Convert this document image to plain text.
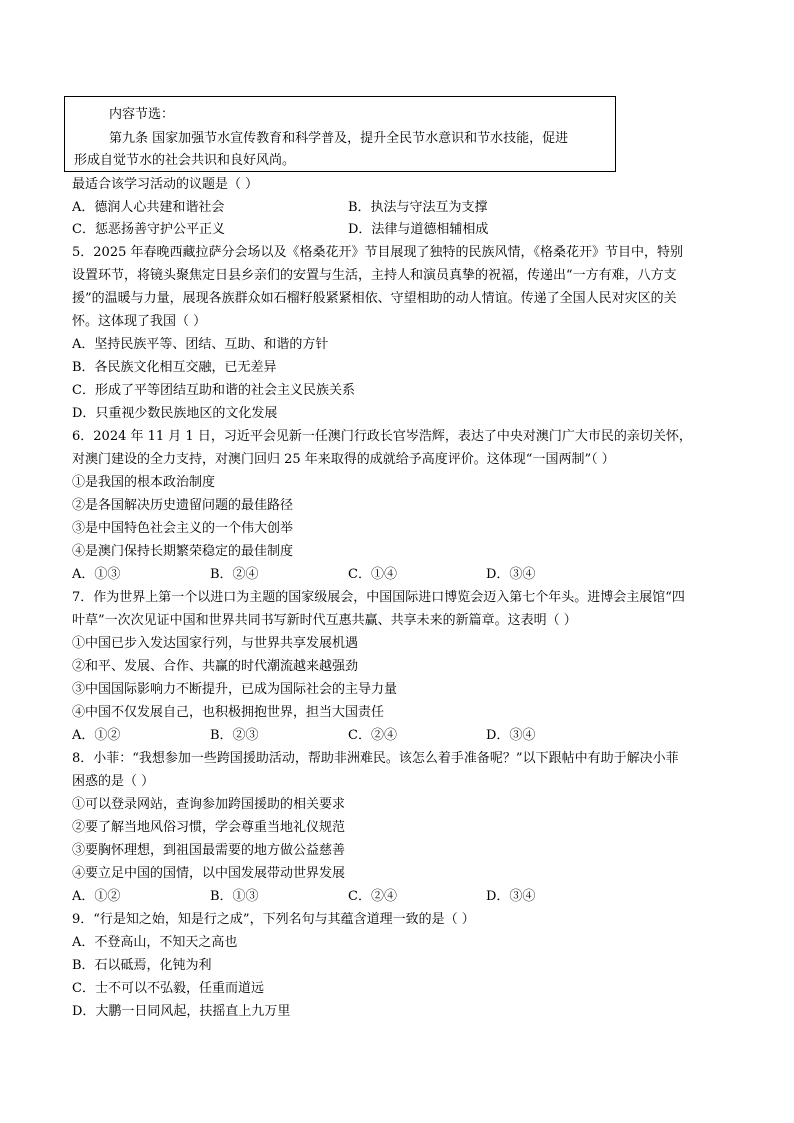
内容节选：
第九条 国家加强节水宣传教育和科学普及，提升全民节水意识和节水技能，促进
形成自觉节水的社会共识和良好风尚。
最适合该学习活动的议题是（ ）
A．德润人心共建和谐社会	B．执法与守法互为支撑
C．惩恶扬善守护公平正义	D．法律与道德相辅相成
5．2025 年春晚西藏拉萨分会场以及《格桑花开》节目展现了独特的民族风情，《格桑花开》节目中，特别
设置环节，将镜头聚焦定日县乡亲们的安置与生活，主持人和演员真挚的祝福，传递出“一方有难，八方支
援”的温暖与力量，展现各族群众如石榴籽般紧紧相依、守望相助的动人情谊。传递了全国人民对灾区的关
怀。这体现了我国（ ）
A．坚持民族平等、团结、互助、和谐的方针
B．各民族文化相互交融，已无差异
C．形成了平等团结互助和谐的社会主义民族关系
D．只重视少数民族地区的文化发展
6．2024 年 11 月 1 日，习近平会见新一任澳门行政长官岑浩辉，表达了中央对澳门广大市民的亲切关怀，
对澳门建设的全力支持，对澳门回归 25 年来取得的成就给予高度评价。这体现“一国两制”（ ）
①是我国的根本政治制度
②是各国解决历史遗留问题的最佳路径
③是中国特色社会主义的一个伟大创举
④是澳门保持长期繁荣稳定的最佳制度
A．①③	B．②④	C．①④	D．③④
7．作为世界上第一个以进口为主题的国家级展会，中国国际进口博览会迈入第七个年头。进博会主展馆“四
叶草”一次次见证中国和世界共同书写新时代互惠共赢、共享未来的新篇章。这表明（ ）
①中国已步入发达国家行列，与世界共享发展机遇
②和平、发展、合作、共赢的时代潮流越来越强劲
③中国国际影响力不断提升，已成为国际社会的主导力量
④中国不仅发展自己，也积极拥抱世界，担当大国责任
A．①②	B．②③	C．②④	D．③④
8．小菲：“我想参加一些跨国援助活动，帮助非洲难民。该怎么着手准备呢？”以下跟帖中有助于解决小菲
困惑的是（ ）
①可以登录网站，查询参加跨国援助的相关要求
②要了解当地风俗习惯，学会尊重当地礼仪规范
③要胸怀理想，到祖国最需要的地方做公益慈善
④要立足中国的国情，以中国发展带动世界发展
A．①②	B．①③	C．②④	D．③④
9．“行是知之始，知是行之成”，下列名句与其蕴含道理一致的是（ ）
A．不登高山，不知天之高也
B．石以砥焉，化钝为利
C．士不可以不弘毅，任重而道远
D．大鹏一日同风起，扶摇直上九万里
